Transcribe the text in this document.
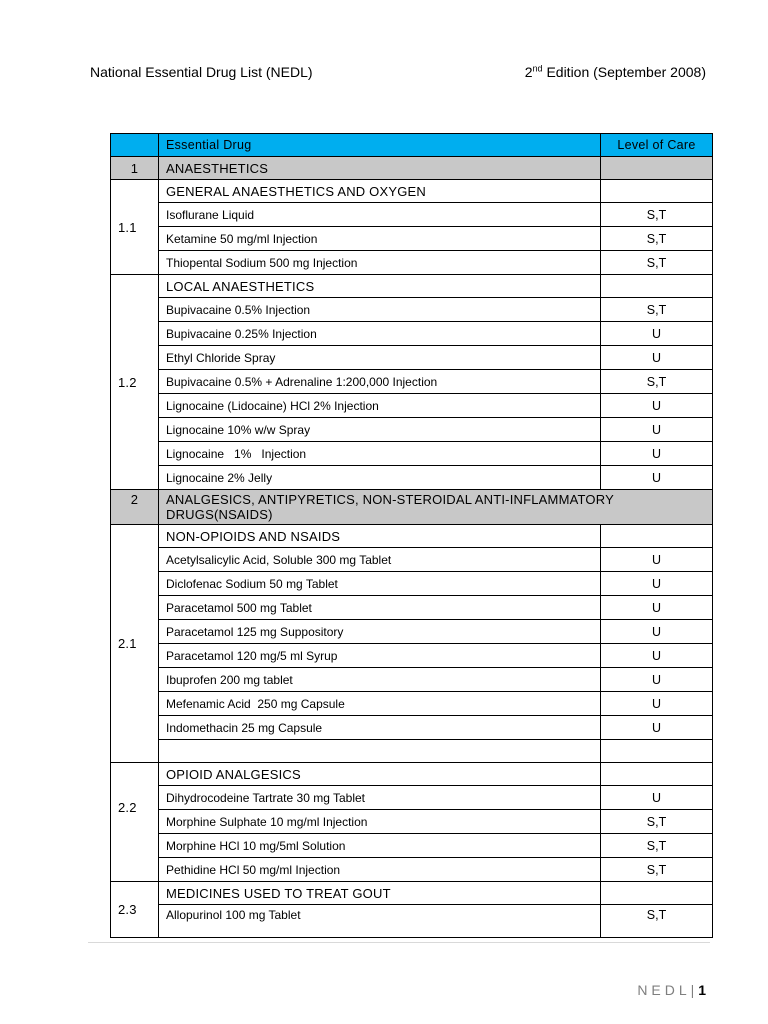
National Essential Drug List (NEDL)	2nd Edition (September 2008)
	Essential Drug	Level of Care
1	ANAESTHETICS	
1.1	GENERAL ANAESTHETICS AND OXYGEN	
	Isoflurane Liquid	S,T
	Ketamine 50 mg/ml Injection	S,T
	Thiopental Sodium 500 mg Injection	S,T
1.2	LOCAL ANAESTHETICS	
	Bupivacaine 0.5% Injection	S,T
	Bupivacaine 0.25% Injection	U
	Ethyl Chloride Spray	U
	Bupivacaine 0.5% + Adrenaline 1:200,000 Injection	S,T
	Lignocaine (Lidocaine) HCl 2% Injection	U
	Lignocaine 10% w/w Spray	U
	Lignocaine   1%   Injection	U
	Lignocaine 2% Jelly	U
2	ANALGESICS, ANTIPYRETICS, NON-STEROIDAL ANTI-INFLAMMATORY
DRUGS(NSAIDS)	
2.1	NON-OPIOIDS AND NSAIDS	
	Acetylsalicylic Acid, Soluble 300 mg Tablet	U
	Diclofenac Sodium 50 mg Tablet	U
	Paracetamol 500 mg Tablet	U
	Paracetamol 125 mg Suppository	U
	Paracetamol 120 mg/5 ml Syrup	U
	Ibuprofen 200 mg tablet	U
	Mefenamic Acid  250 mg Capsule	U
	Indomethacin 25 mg Capsule	U

2.2	OPIOID ANALGESICS	
	Dihydrocodeine Tartrate 30 mg Tablet	U
	Morphine Sulphate 10 mg/ml Injection	S,T
	Morphine HCl 10 mg/5ml Solution	S,T
	Pethidine HCl 50 mg/ml Injection	S,T
2.3	MEDICINES USED TO TREAT GOUT	
	Allopurinol 100 mg Tablet	S,T
NEDL| 1
